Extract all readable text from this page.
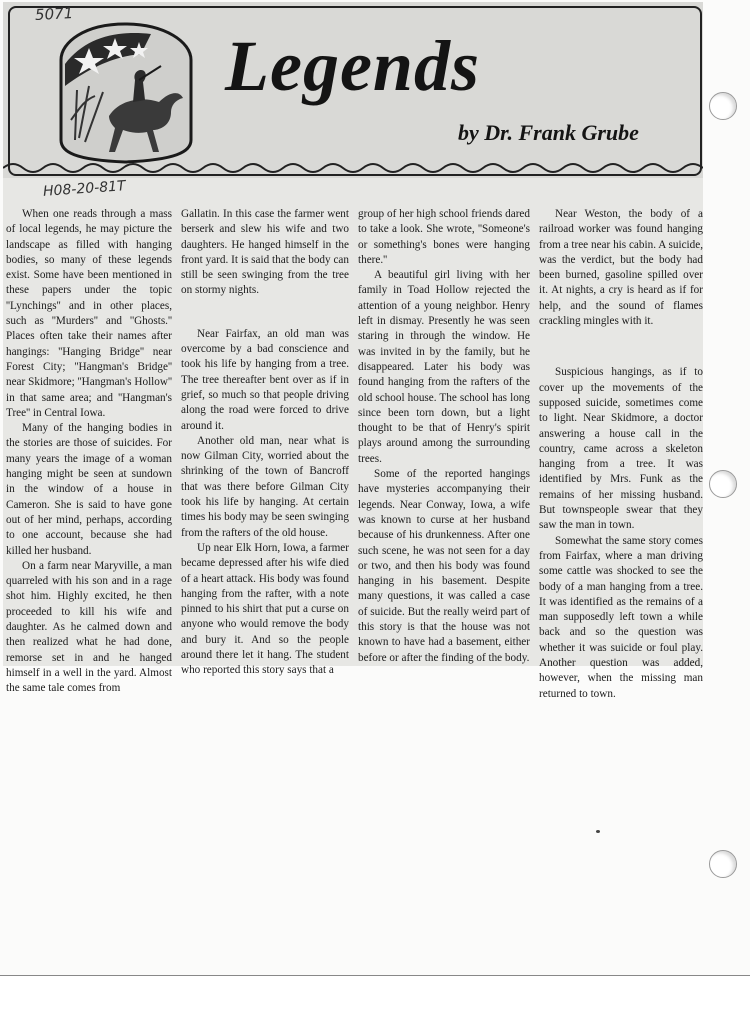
Legends
by Dr. Frank Grube
5071
H08-20-81T

When one reads through a mass of local legends, he may picture the landscape as filled with hanging bodies, so many of these legends exist. Some have been mentioned in these papers under the topic ''Lynchings'' and in other places, such as ''Murders'' and ''Ghosts.'' Places often take their names after hangings: ''Hanging Bridge'' near Forest City; ''Hangman's Bridge'' near Skidmore; ''Hangman's Hollow'' in that same area; and ''Hangman's Tree'' in Central Iowa.

Many of the hanging bodies in the stories are those of suicides. For many years the image of a woman hanging might be seen at sundown in the window of a house in Cameron. She is said to have gone out of her mind, perhaps, according to one account, because she had killed her husband.

On a farm near Maryville, a man quarreled with his son and in a rage shot him. Highly excited, he then proceeded to kill his wife and daughter. As he calmed down and then realized what he had done, remorse set in and he hanged himself in a well in the yard. Almost the same tale comes from

Gallatin. In this case the farmer went berserk and slew his wife and two daughters. He hanged himself in the front yard. It is said that the body can still be seen swinging from the tree on stormy nights.

Near Fairfax, an old man was overcome by a bad conscience and took his life by hanging from a tree. The tree thereafter bent over as if in grief, so much so that people driving along the road were forced to drive around it.

Another old man, near what is now Gilman City, worried about the shrinking of the town of Bancroff that was there before Gilman City took his life by hanging. At certain times his body may be seen swinging from the rafters of the old house.

Up near Elk Horn, Iowa, a farmer became depressed after his wife died of a heart attack. His body was found hanging from the rafter, with a note pinned to his shirt that put a curse on anyone who would remove the body and bury it. And so the people around there let it hang. The student who reported this story says that a

group of her high school friends dared to take a look. She wrote, ''Someone's or something's bones were hanging there.''

A beautiful girl living with her family in Toad Hollow rejected the attention of a young neighbor. Henry left in dismay. Presently he was seen staring in through the window. He was invited in by the family, but he disappeared. Later his body was found hanging from the rafters of the old school house. The school has long since been torn down, but a light thought to be that of Henry's spirit plays around among the surrounding trees.

Some of the reported hangings have mysteries accompanying their legends. Near Conway, Iowa, a wife was known to curse at her husband because of his drunkenness. After one such scene, he was not seen for a day or two, and then his body was found hanging in his basement. Despite many questions, it was called a case of suicide. But the really weird part of this story is that the house was not known to have had a basement, either before or after the finding of the body.

Near Weston, the body of a railroad worker was found hanging from a tree near his cabin. A suicide, was the verdict, but the body had been burned, gasoline spilled over it. At nights, a cry is heard as if for help, and the sound of flames crackling mingles with it.

Suspicious hangings, as if to cover up the movements of the supposed suicide, sometimes come to light. Near Skidmore, a doctor answering a house call in the country, came across a skeleton hanging from a tree. It was identified by Mrs. Funk as the remains of her missing husband. But townspeople swear that they saw the man in town.

Somewhat the same story comes from Fairfax, where a man driving some cattle was shocked to see the body of a man hanging from a tree. It was identified as the remains of a man supposedly left town a while back and so the question was whether it was suicide or foul play. Another question was added, however, when the missing man returned to town.
